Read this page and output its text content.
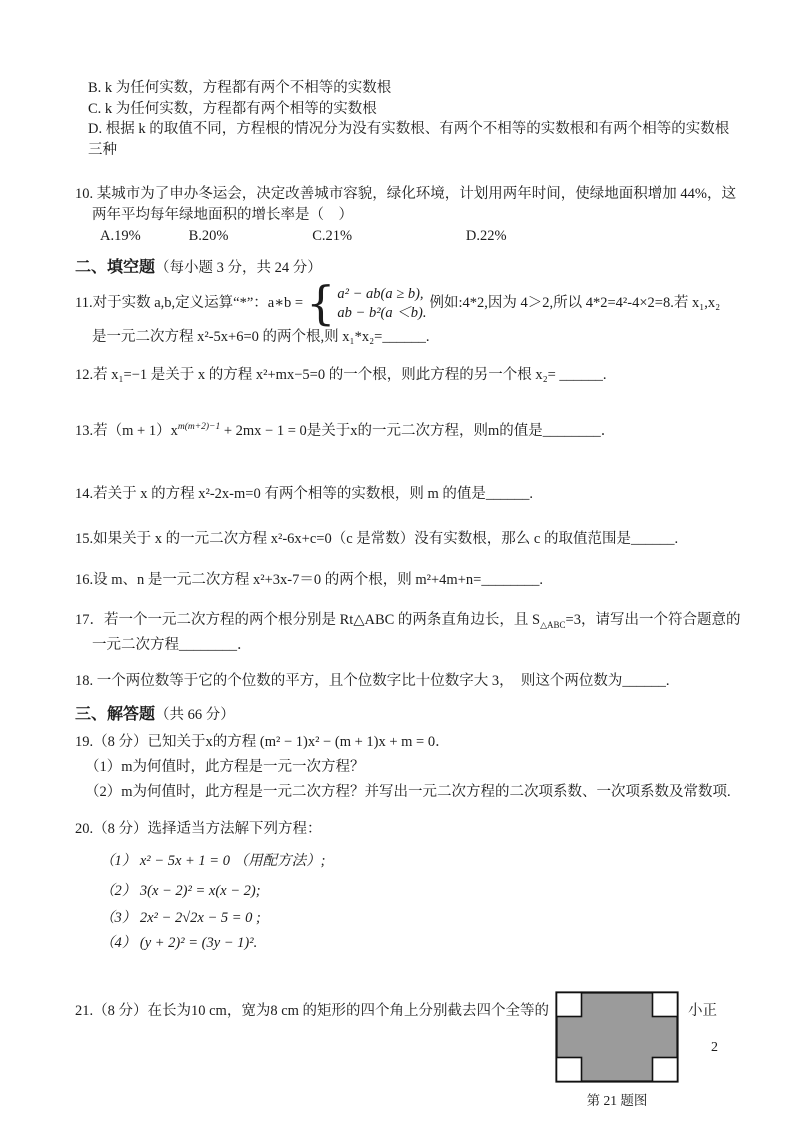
B. k 为任何实数，方程都有两个不相等的实数根
C. k 为任何实数，方程都有两个相等的实数根
D. 根据 k 的取值不同，方程根的情况分为没有实数根、有两个不相等的实数根和有两个相等的实数根
三种
10. 某城市为了申办冬运会，决定改善城市容貌，绿化环境，计划用两年时间，使绿地面积增加 44%，这
两年平均每年绿地面积的增长率是（　）
A.19%	B.20%	C.21%	D.22%
二、填空题（每小题 3 分，共 24 分）
11.对于实数 a,b,定义运算“*”：a∗b = { a² − ab(a ≥ b),
ab − b²(a ＜b).
例如:4*2,因为 4＞2,所以 4*2=4²-4×2=8.若 x₁,x₂
是一元二次方程 x²-5x+6=0 的两个根,则 x₁*x₂=______.
12.若 x₁=−1 是关于 x 的方程 x²+mx−5=0 的一个根，则此方程的另一个根 x₂= ______.
13.若$(m + 1)x^{m(m+2)-1} + 2mx - 1 = 0$是关于x的一元二次方程，则m的值是________．
14.若关于 x 的方程 x²-2x-m=0 有两个相等的实数根，则 m 的值是______.
15.如果关于 x 的一元二次方程 x²-6x+c=0（c 是常数）没有实数根，那么 c 的取值范围是______.
16.设 m、n 是一元二次方程 x²+3x-7＝0 的两个根，则 m²+4m+n=________.
17．若一个一元二次方程的两个根分别是 Rt△ABC 的两条直角边长，且 $S_{\triangle ABC}=3$，请写出一个符合题意的
一元二次方程________．
18. 一个两位数等于它的个位数的平方，且个位数字比十位数字大 3，　则这个两位数为______.
三、解答题（共 66 分）
19.（8 分）已知关于x的方程 (m² − 1)x² − (m + 1)x + m = 0．
（1）m为何值时，此方程是一元一次方程？
（2）m为何值时，此方程是一元二次方程？并写出一元二次方程的二次项系数、一次项系数及常数项.
20.（8 分）选择适当方法解下列方程：
（1） x² − 5x + 1 = 0 （用配方法）;
（2） 3(x − 2)² = x(x − 2);
（3） 2x² − 2√2x − 5 = 0 ;
（4） (y + 2)² = (3y − 1)².
21.（8 分）在长为10 cm，宽为8 cm 的矩形的四个角上分别截去四个全等的	小正
2
第 21 题图
